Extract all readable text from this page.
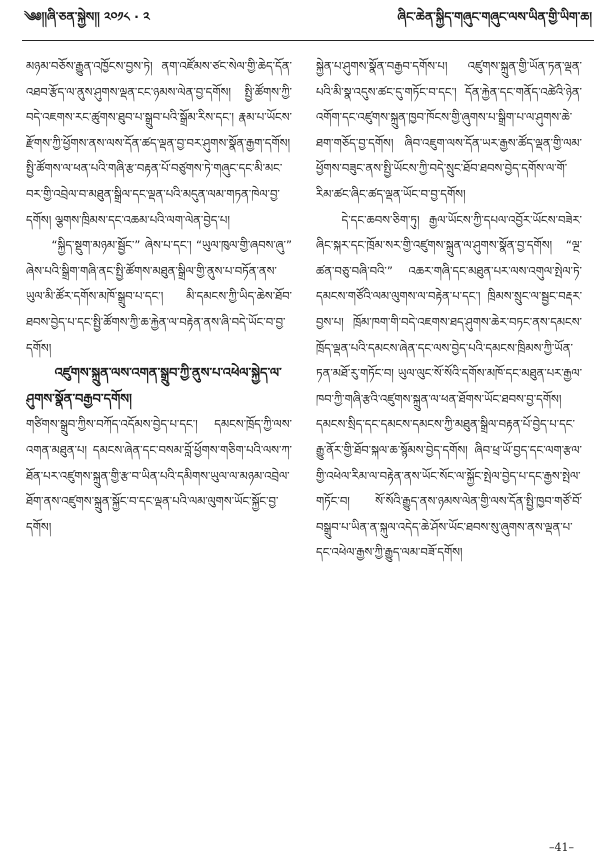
༄༅།།ཞི་ཅན་སྐྱེས།། ༢༠༡༨ · ༢	ཞིང་ཆེན་སྐྱིད་གཞུང་གཞུང་ལས་ཡིན་གྱི་ཡིག་ཆ།

མཉམ་བཅོས་རྒྱུན་འཁྱོངས་བྱས་ཏེ། ནག་འཛོམས་ཙང་སེལ་གྱི་ཆེད་དོན་འཐབ་རྩོད་ལ་ནུས་ཤུགས་ལྡན་ངང་ཉམས་ལེན་བྱ་དགོས། སྤྱི་ཚོགས་ཀྱི་བདེ་འཇགས་རང་ཚུགས་ཐུབ་པ་སྒྲུབ་པའི་སྒྲོམ་རིས་དང་། རྣམ་པ་ཡོངས་རྫོགས་ཀྱི་ཕྱོགས་ནས་ལས་དོན་ཚད་ལྡན་བྱ་བར་ཤུགས་སྣོན་རྒྱག་དགོས། སྤྱི་ཚོགས་ལ་ཕན་པའི་གཞི་རྩ་བརྟན་པོ་བཙུགས་ཏེ་གཞུང་དང་མི་མང་བར་གྱི་འབྲེལ་བ་མཐུན་སྒྲིལ་དང་ལྡན་པའི་མདུན་ལམ་གཏན་ཁེལ་བྱ་དགོས། ལྕགས་ཁྲིམས་དང་འཆམ་པའི་ལག་ལེན་བྱེད་པ།

“སྐྱིད་སྡུག་མཉམ་སྦྱོང་” ཞེས་པ་དང་། “ཡུལ་ཁུལ་གྱི་ཞབས་ཞུ་” ཞེས་པའི་སྒྲིག་གཞི་ནང་སྤྱི་ཚོགས་མཐུན་སྒྲིལ་གྱི་ནུས་པ་བཏོན་ནས་ཡུལ་མི་ཚོར་དགོས་མཁོ་སྒྲུབ་པ་དང་། མི་དམངས་ཀྱི་ཡིད་ཆེས་ཐོབ་ཐབས་བྱེད་པ་དང་སྤྱི་ཚོགས་ཀྱི་ཆ་རྐྱེན་ལ་བརྟེན་ནས་ཞི་བདེ་ཡོང་བ་བྱ་དགོས།

འཛུགས་སྐྲུན་ལས་འགན་སྒྲུབ་ཀྱི་ནུས་པ་འཕེལ་སྐྱེད་ལ་ཤུགས་སྣོན་བརྒྱབ་དགོས།

གཙིགས་སྒྲུབ་ཀྱིས་བཀོད་འདོམས་བྱེད་པ་དང་། དམངས་ཁྲོད་ཀྱི་ལས་འགན་མཐུན་པ། དམངས་ཞེན་དང་བསམ་བློ་ཕྱོགས་གཅིག་པའི་ལས་ཀ་ཐོན་པར་འཛུགས་སྐྲུན་གྱི་རྩ་བ་ཡིན་པའི་དམིགས་ཡུལ་ལ་མཉམ་འབྲེལ་ཐོག་ནས་འཛུགས་སྐྲུན་སྐྱོང་བ་དང་ལྡན་པའི་ལམ་ལུགས་ཡོང་སྐྱོང་བྱ་དགོས།

སྐྱེན་པ་ཤུགས་སྣོན་བརྒྱབ་དགོས་པ། འཛུགས་སྐྲུན་གྱི་ཡོན་ཏན་ལྡན་པའི་མི་སྣ་འདུས་ཚང་དུ་གཏོང་བ་དང་། དོན་རྐྱེན་དང་གནོད་འཚེའི་ཉེན་འགོག་དང་འཛུགས་སྐྲུན་ཁྱབ་ཁོངས་གྱི་ཞུགས་པ་སྒྲིག་པ་ལ་ཤུགས་ཆེ་ཐག་གཅོད་བྱ་དགོས། ཞིབ་འཇུག་ལས་དོན་ཡར་རྒྱས་ཚོད་ལྡན་གྱི་ལམ་ཕྱོགས་བཟུང་ནས་སྤྱི་ཡོངས་ཀྱི་བདེ་སྲུང་ཐོབ་ཐབས་བྱེད་དགོས་ལ་གོ་རིམ་ཚང་ཞིང་ཚད་ལྡན་ཡོང་བ་བྱ་དགོས།

དེ་དང་ཆབས་ཅིག་ཏུ། རྒྱལ་ཡོངས་ཀྱི་དཔལ་འབྱོར་ཡོངས་བཟེར་ཞིང་སྐར་དང་ཁྲོམ་སར་གྱི་འཛུགས་སྐྲུན་ལ་ཤུགས་སྣོན་བྱ་དགོས། “ལྔ་ཚན་བཅུ་བཞི་བའི་” འཆར་གཞི་དང་མཐུན་པར་ལས་འགུལ་སྤེལ་ཏེ་དམངས་གཙོའི་ལམ་ལུགས་ལ་བརྟེན་པ་དང་། ཁྲིམས་སྲུང་ལ་སྦྱང་བརྡར་བྱས་པ། ཁྲོམ་ཁག་གི་བདེ་འཇགས་ཐད་ཤུགས་ཆེར་བཏང་ནས་དམངས་ཁྲོད་ལྡན་པའི་དམངས་ཞེན་དང་ལས་བྱེད་པའི་དམངས་ཁྲིམས་ཀྱི་ཡོན་ཏན་མཐོ་རུ་གཏོང་བ། ཡུལ་ལུང་སོ་སོའི་དགོས་མཁོ་དང་མཐུན་པར་རྒྱལ་ཁབ་ཀྱི་གཞི་རྩའི་འཛུགས་སྐྲུན་ལ་ཕན་ཐོགས་ཡོང་ཐབས་བྱ་དགོས། དམངས་སྲིད་དང་དམངས་དམངས་ཀྱི་མཐུན་སྒྲིལ་བརྟན་པོ་བྱེད་པ་དང་རྒྱུ་ནོར་གྱི་ཐོབ་སྐལ་ཆ་སྙོམས་བྱེད་དགོས། ཞིབ་ཕྲ་ཡོ་བྱད་དང་ལག་རྩལ་གྱི་འཕེལ་རིམ་ལ་བརྟེན་ནས་ཡོང་སོང་ལ་སྐྱོང་སྤེལ་བྱེད་པ་དང་རྒྱས་སྤེལ་གཏོང་བ། སོ་སོའི་རྒྱུད་ནས་ཉམས་ལེན་གྱི་ལས་དོན་སྤྱི་ཁྱབ་གཙོ་བོ་བསྒྲུབ་པ་ཡིན་ན་སྐུལ་འདེད་ཆེ་ཤོས་ཡོང་ཐབས་སུ་ཞུགས་ནས་ལྡན་པ་དང་འཕེལ་རྒྱས་ཀྱི་རྒྱུད་ལམ་བཟོ་དགོས།

–41–
